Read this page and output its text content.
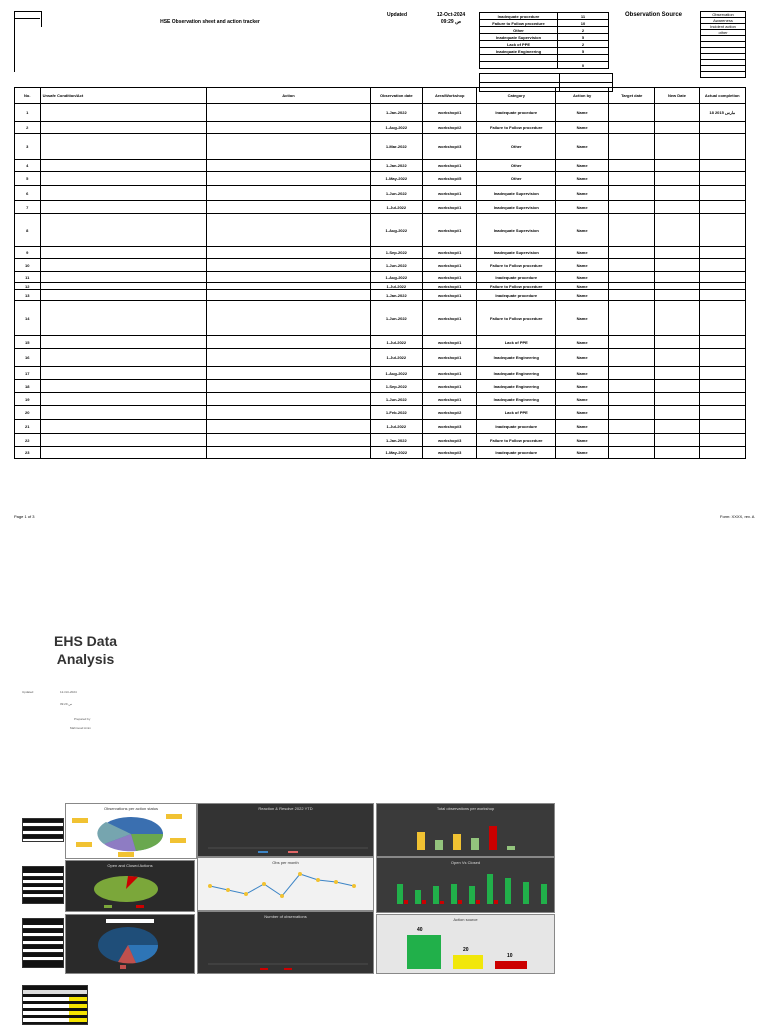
HSE Observation sheet and action tracker
Updated	12-Oct-2024
09:29 ص
Inadequate procedure	11
Failure to Follow procedure	10
Other	2
Inadequate Supervision	5
Lack of PPE	2
Inadequate Engineering	5

	0

Observation Source	Observation
Awareness
Incident action
other

No.	Unsafe Condition/Act	Action	Observation date	Area/Workshop	Category	Action by	Target date	New Date	Actual completion
1			1-Jan-2022	workshop#1	Inadequate procedure	Name			18 مارس 2015
2			1-Aug-2022	workshop#2	Failure to Follow procedure	Name			
3			1-Mar-2022	workshop#3	Other	Name			
4			1-Jan-2022	workshop#1	Other	Name			
5			1-May-2022	workshop#5	Other	Name			
6			1-Jun-2022	workshop#1	Inadequate Supervision	Name			
7			1-Jul-2022	workshop#1	Inadequate Supervision	Name			
8			1-Aug-2022	workshop#1	Inadequate Supervision	Name			
9			1-Sep-2022	workshop#1	Inadequate Supervision	Name			
10			1-Jun-2022	workshop#1	Failure to Follow procedure	Name			
11			1-Aug-2022	workshop#1	Inadequate procedure	Name			
12			1-Jul-2022	workshop#1	Failure to Follow procedure	Name			
13			1-Jan-2022	workshop#1	Inadequate procedure	Name			
14			1-Jun-2022	workshop#1	Failure to Follow procedure	Name			
15			1-Jul-2022	workshop#1	Lack of PPE	Name			
16			1-Jul-2022	workshop#1	Inadequate Engineering	Name			
17			1-Aug-2022	workshop#1	Inadequate Engineering	Name			
18			1-Sep-2022	workshop#1	Inadequate Engineering	Name			
19			1-Jun-2022	workshop#1	Inadequate Engineering	Name			
20			1-Feb-2022	workshop#2	Lack of PPE	Name			
21			1-Jul-2022	workshop#3	Inadequate procedure	Name			
22			1-Jan-2022	workshop#3	Failure to Follow procedure	Name			
23			1-May-2022	workshop#3	Inadequate procedure	Name			
Page 1 of 3	Form: XXXX, rev. A
EHS Data
Analysis
Updated	12-Oct-2024
09:29 ص
Prepared by
Mahmoud Amin
Observations per action status	Reaction & Resolve 2022 YTD	Total observations per workshop
Open and Closed Actions
Obs per month	Open Vs Closed
Number of observations
Action source
40
20
10
